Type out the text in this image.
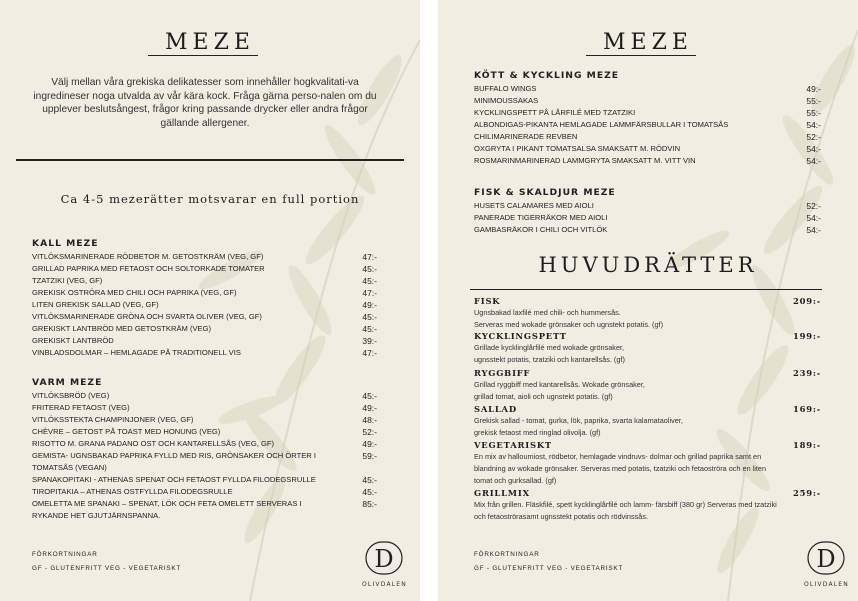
MEZE
Välj mellan våra grekiska delikatesser som innehåller hogkvalitati-va ingredineser noga utvalda av vår kära kock. Fråga gärna perso-nalen om du upplever beslutsångest, frågor kring passande drycker eller andra frågor gällande allergener.
Ca 4-5 mezerätter motsvarar en full portion
KALL MEZE
VITLÖKSMARINERADE RÖDBETOR M. GETOSTKRÄM (VEG, GF)	47:-
GRILLAD PAPRIKA MED FETAOST OCH SOLTORKADE TOMATER	45:-
TZATZIKI (VEG, GF)	45:-
GREKISK OSTRÖRA MED CHILI OCH PAPRIKA (VEG, GF)	47:-
LITEN GREKISK SALLAD (VEG, GF)	49:-
VITLÖKSMARINERADE GRÖNA OCH SVARTA OLIVER (VEG, GF)	45:-
GREKISKT LANTBRÖD MED GETOSTKRÄM (VEG)	45:-
GREKISKT LANTBRÖD	39:-
VINBLADSDOLMAR – HEMLAGADE PÅ TRADITIONELL VIS	47:-
VARM MEZE
VITLÖKSBRÖD (VEG)	45:-
FRITERAD FETAOST (VEG)	49:-
VITLÖKSSTEKTA CHAMPINJONER (VEG, GF)	48:-
CHÈVRE – GETOST PÅ TOAST MED HONUNG (VEG)	52:-
RISOTTO M. GRANA PADANO OST OCH KANTARELLSÅS (VEG, GF)	49:-
GEMISTA- UGNSBAKAD PAPRIKA FYLLD MED RIS, GRÖNSAKER OCH ÖRTER I TOMATSÅS (VEGAN)
59:-
SPANAKOPITAKI - ATHENAS SPENAT OCH FETAOST FYLLDA FILODEGSRULLE	45:-
TIROPITAKIA – ATHENAS OSTFYLLDA FILODEGSRULLE	45:-
OMELETTA ME SPANAKI – SPENAT, LÖK OCH FETA OMELETT SERVERAS I RYKANDE HET GJUTJÄRNSPANNA.
85:-
FÖRKORTNINGAR
GF - GLUTENFRITT VEG - VEGETARISKT	D
OLIVDALEN
MEZE
KÖTT & KYCKLING MEZE
BUFFALO WINGS	49:-
MINIMOUSSAKAS	55:-
KYCKLINGSPETT PÅ LÅRFILÉ MED TZATZIKI	55:-
ALBONDIGAS-PIKANTA HEMLAGADE LAMMFÄRSBULLAR I TOMATSÅS	54:-
CHILIMARINERADE REVBEN	52:-
OXGRYTA I PIKANT TOMATSALSA SMAKSATT M. RÖDVIN	54:-
ROSMARINMARINERAD LAMMGRYTA SMAKSATT M. VITT VIN	54:-
FISK & SKALDJUR MEZE
HUSETS CALAMARES MED AIOLI	52:-
PANERADE TIGERRÄKOR MED AIOLI	54:-
GAMBASRÄKOR I CHILI OCH VITLÖK	54:-
HUVUDRÄTTER
FISK	209:-
Ugnsbakad laxfilé med chili- och hummersås.
Serveras med wokade grönsaker och ugnstekt potatis. (gf)
KYCKLINGSPETT	199:-
Grillade kycklinglårfilé med wokade grönsaker,
ugnsstekt potatis, tzatziki och kantarellsås. (gf)
RYGGBIFF	239:-
Grillad ryggbiff med kantarellsås. Wokade grönsaker,
grillad tomat, aioli och ugnstekt potatis. (gf)
SALLAD	169:-
Grekisk sallad - tomat, gurka, lök, paprika, svarta kalamataoliver,
grekisk fetaost med ringlad olivolja. (gf)
VEGETARISKT	189:-
En mix av halloumiost, rödbetor, hemlagade vindruvs- dolmar och grillad paprika samt en
blandning av wokade grönsaker. Serveras med potatis, tzatziki och fetaoströra och en liten
tomat och gurksallad. (gf)
GRILLMIX	259:-
Mix från grillen. Fläskfilé, spett kycklinglårfilé och lamm- färsbiff (380 gr) Serveras med tzatziki
och fetaoströrasamt ugnsstekt potatis och rödvinssås.
FÖRKORTNINGAR
GF - GLUTENFRITT VEG - VEGETARISKT	D
OLIVDALEN
